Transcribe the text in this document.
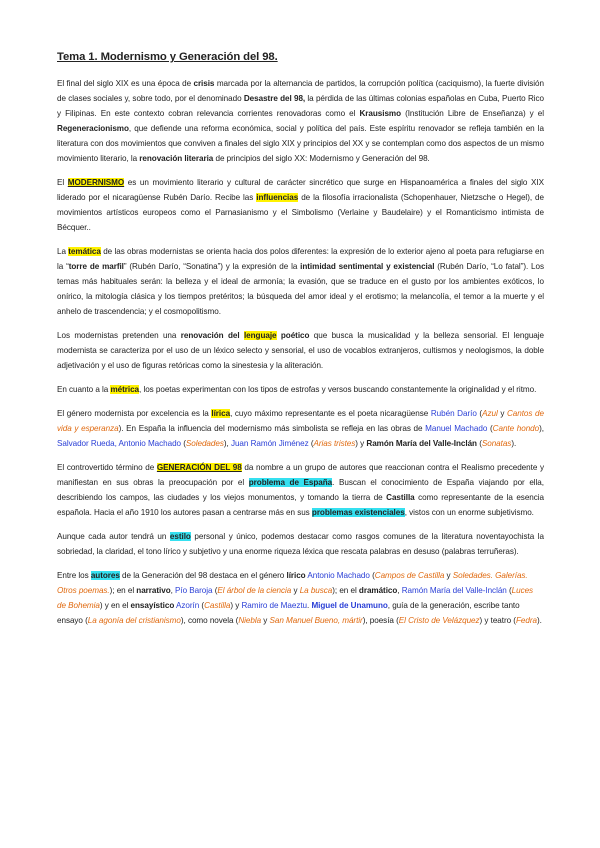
Tema 1. Modernismo y Generación del 98.

El final del siglo XIX es una época de crisis marcada por la alternancia de partidos, la corrupción política (caciquismo), la fuerte división de clases sociales y, sobre todo, por el denominado Desastre del 98, la pérdida de las últimas colonias españolas en Cuba, Puerto Rico y Filipinas. En este contexto cobran relevancia corrientes renovadoras como el Krausismo (Institución Libre de Enseñanza) y el Regeneracionismo, que defiende una reforma económica, social y política del país. Este espíritu renovador se refleja también en la literatura con dos movimientos que conviven a finales del siglo XIX y principios del XX y se contemplan como dos aspectos de un mismo movimiento literario, la renovación literaria de principios del siglo XX: Modernismo y Generación del 98.

El MODERNISMO es un movimiento literario y cultural de carácter sincrético que surge en Hispanoamérica a finales del siglo XIX liderado por el nicaragüense Rubén Darío. Recibe las influencias de la filosofía irracionalista (Schopenhauer, Nietzsche o Hegel), de movimientos artísticos europeos como el Parnasianismo y el Simbolismo (Verlaine y Baudelaire) y el Romanticismo intimista de Bécquer..

La temática de las obras modernistas se orienta hacia dos polos diferentes: la expresión de lo exterior ajeno al poeta para refugiarse en la “torre de marfil” (Rubén Darío, “Sonatina”) y la expresión de la intimidad sentimental y existencial (Rubén Darío, “Lo fatal”). Los temas más habituales serán: la belleza y el ideal de armonía; la evasión, que se traduce en el gusto por los ambientes exóticos, lo onírico, la mitología clásica y los tiempos pretéritos; la búsqueda del amor ideal y el erotismo; la melancolía, el temor a la muerte y el anhelo de trascendencia; y el cosmopolitismo.

Los modernistas pretenden una renovación del lenguaje poético que busca la musicalidad y la belleza sensorial. El lenguaje modernista se caracteriza por el uso de un léxico selecto y sensorial, el uso de vocablos extranjeros, cultismos y neologismos, la doble adjetivación y el uso de figuras retóricas como la sinestesia y la aliteración.

En cuanto a la métrica, los poetas experimentan con los tipos de estrofas y versos buscando constantemente la originalidad y el ritmo.

El género modernista por excelencia es la lírica, cuyo máximo representante es el poeta nicaragüense Rubén Darío (Azul y Cantos de vida y esperanza). En España la influencia del modernismo más simbolista se refleja en las obras de Manuel Machado (Cante hondo), Salvador Rueda, Antonio Machado (Soledades), Juan Ramón Jiménez (Arias tristes) y Ramón María del Valle-Inclán (Sonatas).

El controvertido término de GENERACIÓN DEL 98 da nombre a un grupo de autores que reaccionan contra el Realismo precedente y manifiestan en sus obras la preocupación por el problema de España. Buscan el conocimiento de España viajando por ella, describiendo los campos, las ciudades y los viejos monumentos, y tomando la tierra de Castilla como representante de la esencia española. Hacia el año 1910 los autores pasan a centrarse más en sus problemas existenciales, vistos con un enorme subjetivismo.

Aunque cada autor tendrá un estilo personal y único, podemos destacar como rasgos comunes de la literatura noventayochista la sobriedad, la claridad, el tono lírico y subjetivo y una enorme riqueza léxica que rescata palabras en desuso (palabras terruñeras).

Entre los autores de la Generación del 98 destaca en el género lírico Antonio Machado (Campos de Castilla y Soledades. Galerías. Otros poemas.); en el narrativo, Pío Baroja (El árbol de la ciencia y La busca); en el dramático, Ramón María del Valle-Inclán (Luces de Bohemia) y en el ensayístico Azorín (Castilla) y Ramiro de Maeztu. Miguel de Unamuno, guía de la generación, escribe tanto ensayo (La agonía del cristianismo), como novela (Niebla y San Manuel Bueno, mártir), poesía (El Cristo de Velázquez) y teatro (Fedra).
